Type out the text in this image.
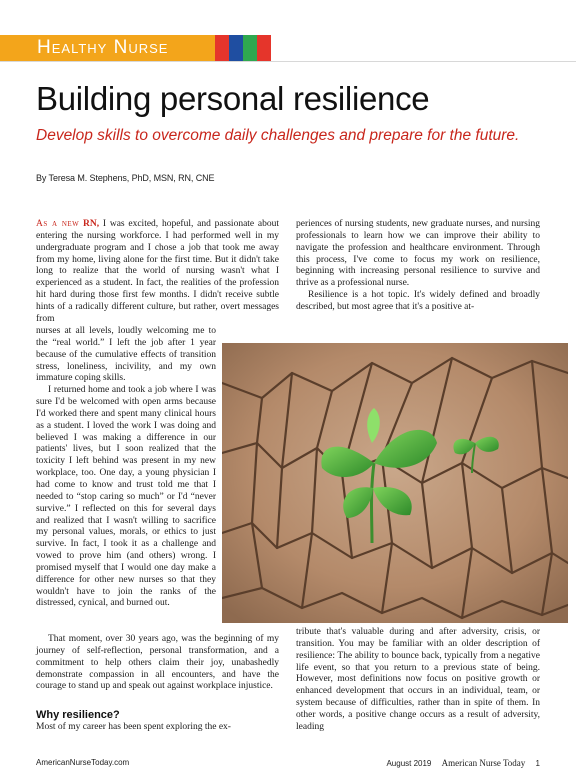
Healthy Nurse
Building personal resilience

Develop skills to overcome daily challenges and prepare for the future.

By Teresa M. Stephens, PhD, MSN, RN, CNE

As a new RN, I was excited, hopeful, and passionate about entering the nursing workforce. I had performed well in my undergraduate program and I chose a job that took me away from my home, living alone for the first time. But it didn't take long to realize that the world of nursing wasn't what I experienced as a student. In fact, the realities of the profession hit hard during those first few months. I didn't receive subtle hints of a radically different culture, but rather, overt messages from

nurses at all levels, loudly welcoming me to the “real world.” I left the job after 1 year because of the cumulative effects of transition stress, loneliness, incivility, and my own immature coping skills.

I returned home and took a job where I was sure I'd be welcomed with open arms because I'd worked there and spent many clinical hours as a student. I loved the work I was doing and believed I was making a difference in our patients' lives, but I soon realized that the toxicity I left behind was present in my new workplace, too. One day, a young physician I had come to know and trust told me that I needed to “stop caring so much” or I'd “never survive.” I reflected on this for several days and realized that I wasn't willing to sacrifice my personal values, morals, or ethics to just survive. In fact, I took it as a challenge and vowed to prove him (and others) wrong. I promised myself that I would one day make a difference for other new nurses so that they wouldn't have to join the ranks of the distressed, cynical, and burned out.

That moment, over 30 years ago, was the beginning of my journey of self-reflection, personal transformation, and a commitment to help others claim their joy, unabashedly demonstrate compassion in all encounters, and have the courage to stand up and speak out against workplace injustice.

Why resilience?

Most of my career has been spent exploring the ex-

periences of nursing students, new graduate nurses, and nursing professionals to learn how we can improve their ability to navigate the profession and healthcare environment. Through this process, I've come to focus my work on resilience, beginning with increasing personal resilience to survive and thrive as a professional nurse.

Resilience is a hot topic. It's widely defined and broadly described, but most agree that it's a positive at-

tribute that's valuable during and after adversity, crisis, or transition. You may be familiar with an older description of resilience: The ability to bounce back, typically from a negative life event, so that you return to a previous state of being. However, most definitions now focus on positive growth or enhanced development that occurs in an individual, team, or system because of difficulties, rather than in spite of them. In other words, a positive change occurs as a result of adversity, leading

AmericanNurseToday.com	August 2019 American Nurse Today 1
